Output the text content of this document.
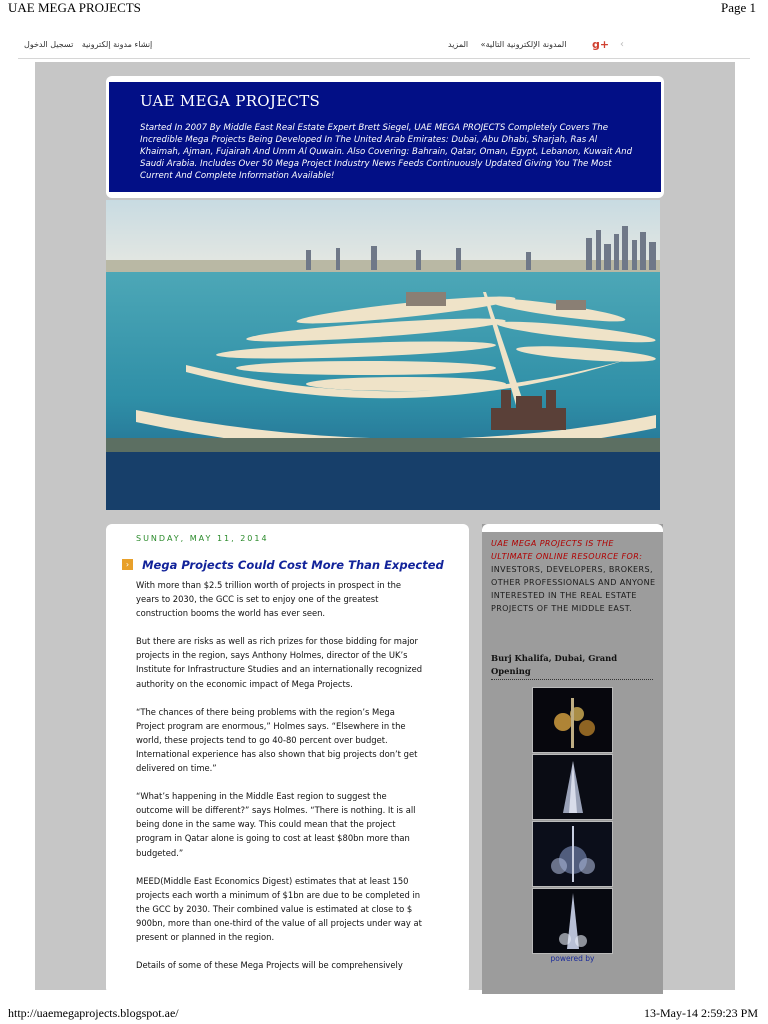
UAE MEGA PROJECTS	Page 1
إنشاء مدونة إلكترونية تسجيل الدخول	المدونة الإلكترونية التالية» المزيد	g+ ‹
UAE MEGA PROJECTS

Started In 2007 By Middle East Real Estate Expert Brett Siegel, UAE MEGA PROJECTS Completely Covers The Incredible Mega Projects Being Developed In The United Arab Emirates: Dubai, Abu Dhabi, Sharjah, Ras Al Khaimah, Ajman, Fujairah And Umm Al Quwain. Also Covering: Bahrain, Qatar, Oman, Egypt, Lebanon, Kuwait And Saudi Arabia. Includes Over 50 Mega Project Industry News Feeds Continuously Updated Giving You The Most Current And Complete Information Available!

SUNDAY, MAY 11, 2014
› Mega Projects Could Cost More Than Expected

With more than $2.5 trillion worth of projects in prospect in the years to 2030, the GCC is set to enjoy one of the greatest construction booms the world has ever seen.

But there are risks as well as rich prizes for those bidding for major projects in the region, says Anthony Holmes, director of the UK’s Institute for Infrastructure Studies and an internationally recognized authority on the economic impact of Mega Projects.

“The chances of there being problems with the region’s Mega Project program are enormous,” Holmes says. “Elsewhere in the world, these projects tend to go 40-80 percent over budget. International experience has also shown that big projects don’t get delivered on time.”

“What’s happening in the Middle East region to suggest the outcome will be different?” says Holmes. “There is nothing. It is all being done in the same way. This could mean that the project program in Qatar alone is going to cost at least $80bn more than budgeted.”

MEED(Middle East Economics Digest) estimates that at least 150 projects each worth a minimum of $1bn are due to be completed in the GCC by 2030. Their combined value is estimated at close to $ 900bn, more than one-third of the value of all projects under way at present or planned in the region.

Details of some of these Mega Projects will be comprehensively

UAE MEGA PROJECTS IS THE ULTIMATE ONLINE RESOURCE FOR: INVESTORS, DEVELOPERS, BROKERS, OTHER PROFESSIONALS AND ANYONE INTERESTED IN THE REAL ESTATE PROJECTS OF THE MIDDLE EAST.
Burj Khalifa, Dubai, Grand Opening
powered by
http://uaemegaprojects.blogspot.ae/	13-May-14 2:59:23 PM
